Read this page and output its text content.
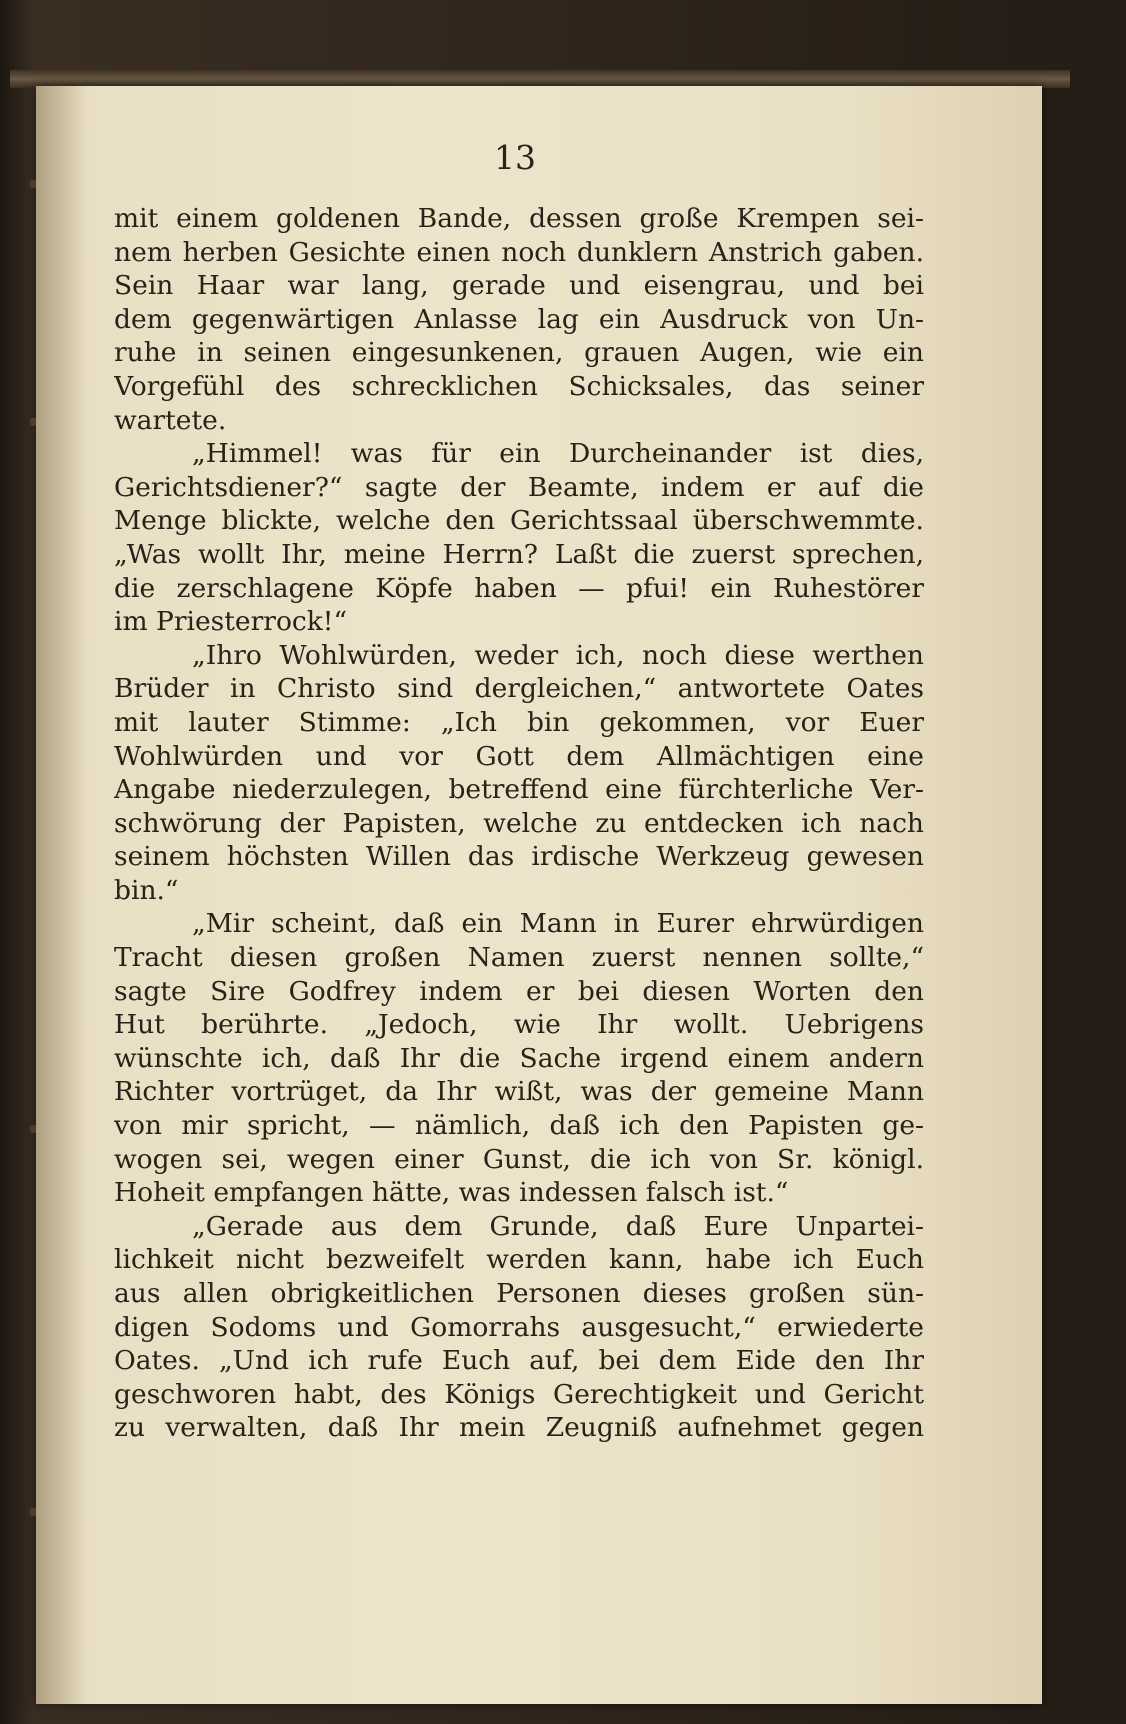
13
mit einem goldenen Bande, dessen große Krempen sei-
nem herben Gesichte einen noch dunklern Anstrich gaben.
Sein Haar war lang, gerade und eisengrau, und bei
dem gegenwärtigen Anlasse lag ein Ausdruck von Un-
ruhe in seinen eingesunkenen, grauen Augen, wie ein
Vorgefühl des schrecklichen Schicksales, das seiner
wartete.
„Himmel! was für ein Durcheinander ist dies,
Gerichtsdiener?“ sagte der Beamte, indem er auf die
Menge blickte, welche den Gerichtssaal überschwemmte.
„Was wollt Ihr, meine Herrn? Laßt die zuerst sprechen,
die zerschlagene Köpfe haben — pfui! ein Ruhestörer
im Priesterrock!“
„Ihro Wohlwürden, weder ich, noch diese werthen
Brüder in Christo sind dergleichen,“ antwortete Oates
mit lauter Stimme: „Ich bin gekommen, vor Euer
Wohlwürden und vor Gott dem Allmächtigen eine
Angabe niederzulegen, betreffend eine fürchterliche Ver-
schwörung der Papisten, welche zu entdecken ich nach
seinem höchsten Willen das irdische Werkzeug gewesen
bin.“
„Mir scheint, daß ein Mann in Eurer ehrwürdigen
Tracht diesen großen Namen zuerst nennen sollte,“
sagte Sire Godfrey indem er bei diesen Worten den
Hut berührte. „Jedoch, wie Ihr wollt. Uebrigens
wünschte ich, daß Ihr die Sache irgend einem andern
Richter vortrüget, da Ihr wißt, was der gemeine Mann
von mir spricht, — nämlich, daß ich den Papisten ge-
wogen sei, wegen einer Gunst, die ich von Sr. königl.
Hoheit empfangen hätte, was indessen falsch ist.“
„Gerade aus dem Grunde, daß Eure Unpartei-
lichkeit nicht bezweifelt werden kann, habe ich Euch
aus allen obrigkeitlichen Personen dieses großen sün-
digen Sodoms und Gomorrahs ausgesucht,“ erwiederte
Oates. „Und ich rufe Euch auf, bei dem Eide den Ihr
geschworen habt, des Königs Gerechtigkeit und Gericht
zu verwalten, daß Ihr mein Zeugniß aufnehmet gegen
